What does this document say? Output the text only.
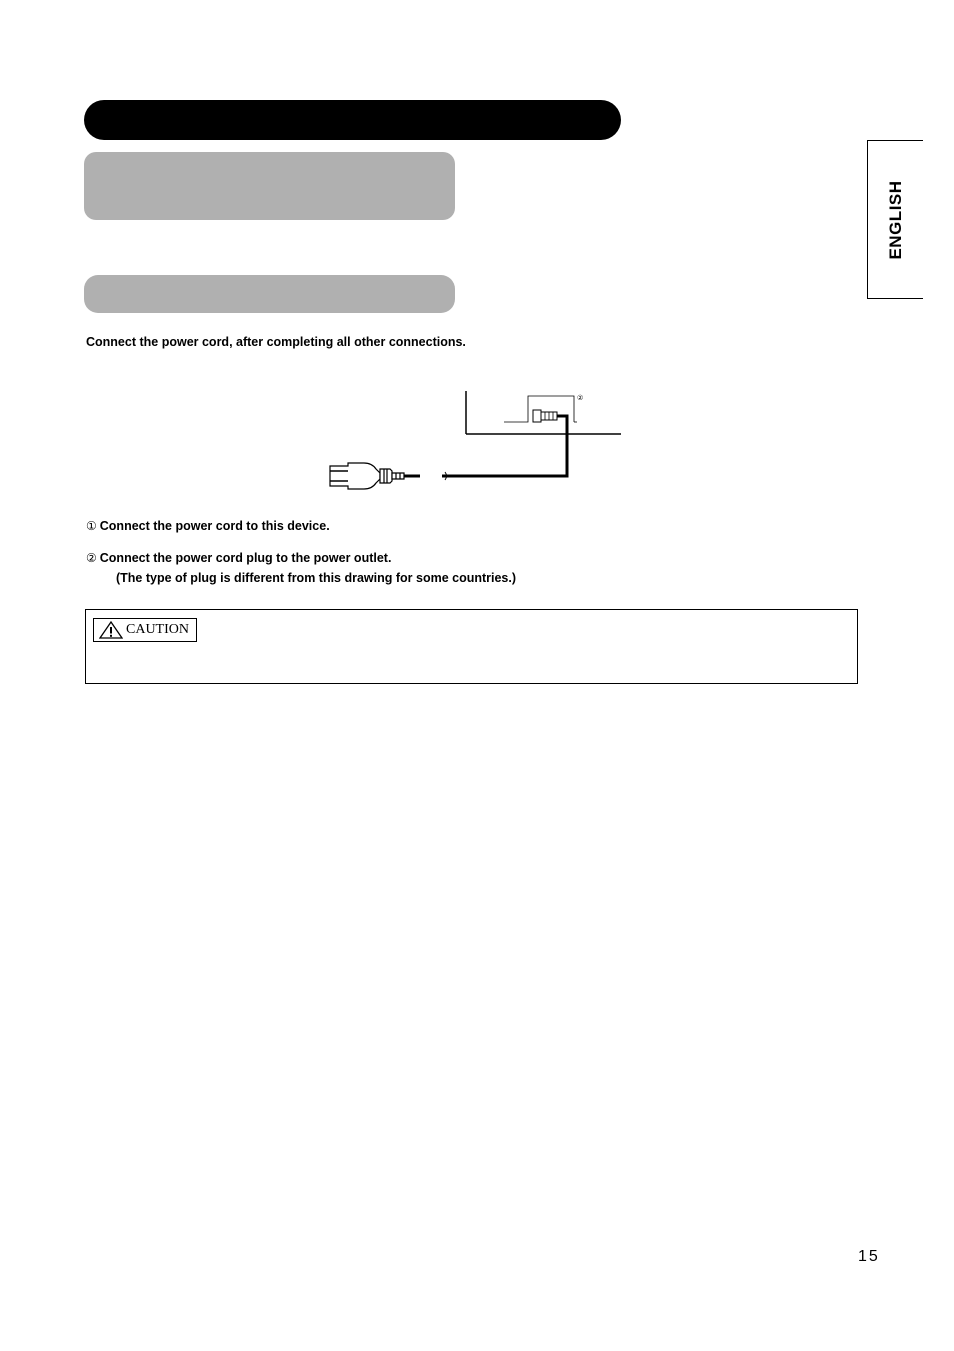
ENGLISH
Connect the power cord, after completing all other connections.
②
① Connect the power cord to this device.
② Connect the power cord plug to the power outlet.
(The type of plug is different from this drawing for some countries.)
CAUTION
15
